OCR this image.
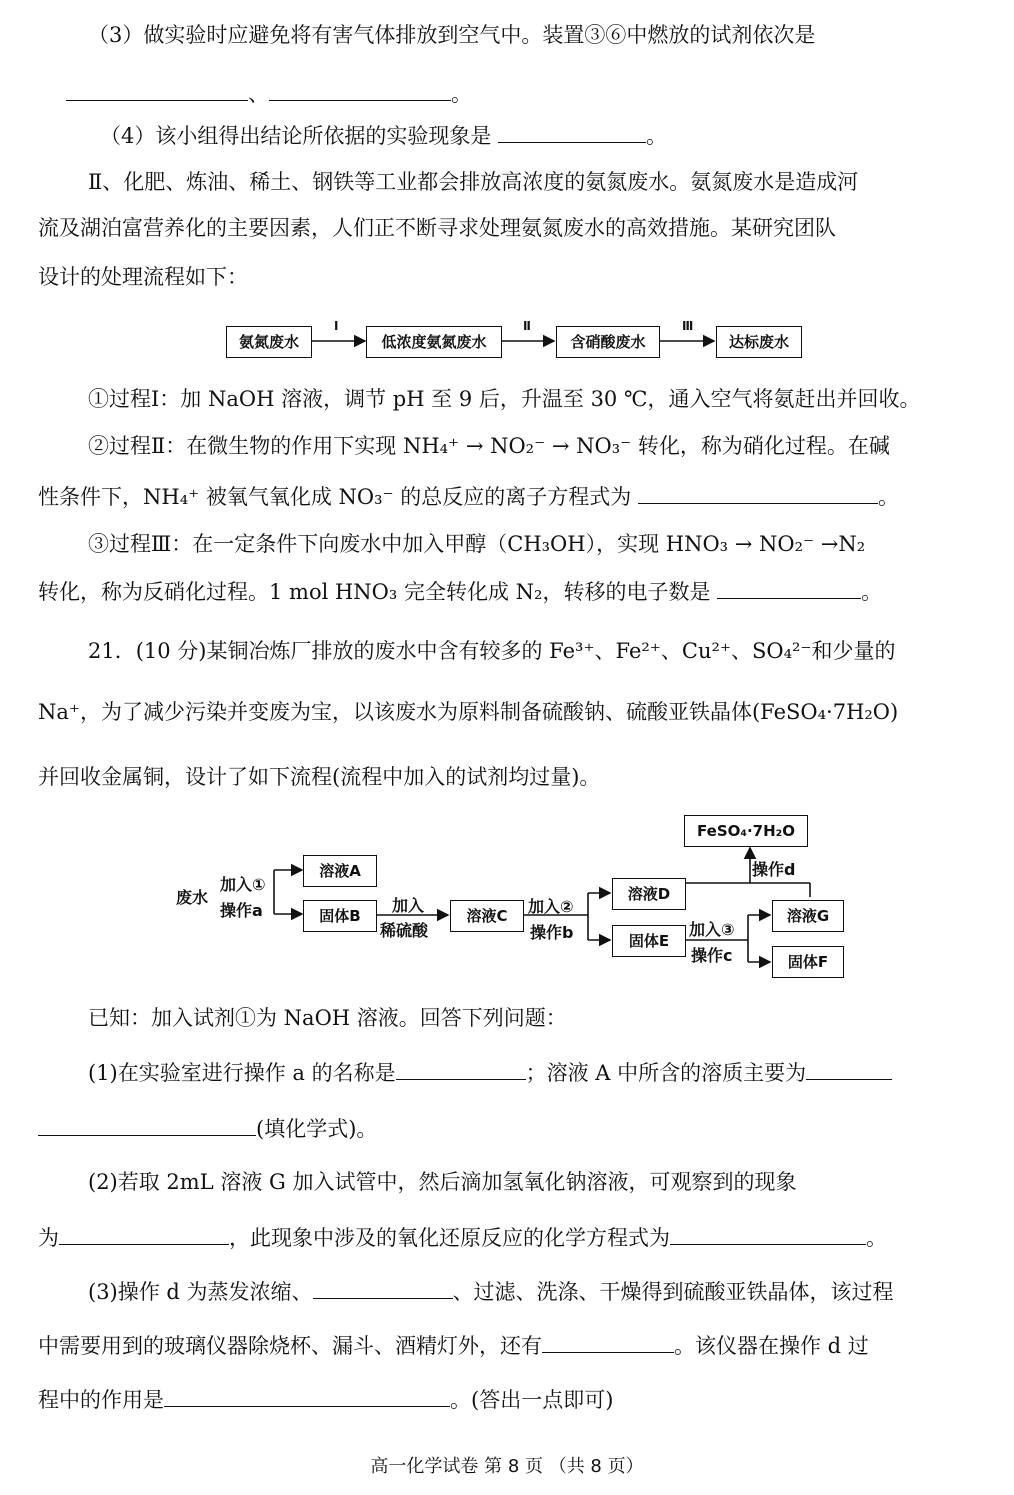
（3）做实验时应避免将有害气体排放到空气中。装置③⑥中燃放的试剂依次是
、	。
（4）该小组得出结论所依据的实验现象是	。
Ⅱ、化肥、炼油、稀土、钢铁等工业都会排放高浓度的氨氮废水。氨氮废水是造成河
流及湖泊富营养化的主要因素，人们正不断寻求处理氨氮废水的高效措施。某研究团队
设计的处理流程如下：
氨氮废水
Ⅰ
低浓度氨氮废水
Ⅱ
含硝酸废水
Ⅲ
达标废水
①过程Ⅰ：加 NaOH 溶液，调节 pH 至 9 后，升温至 30 ℃，通入空气将氨赶出并回收。
②过程Ⅱ：在微生物的作用下实现 NH₄⁺ → NO₂⁻ → NO₃⁻ 转化，称为硝化过程。在碱
性条件下，NH₄⁺ 被氧气氧化成 NO₃⁻ 的总反应的离子方程式为	。
③过程Ⅲ：在一定条件下向废水中加入甲醇（CH₃OH），实现 HNO₃ → NO₂⁻ →N₂
转化，称为反硝化过程。1 mol HNO₃ 完全转化成 N₂，转移的电子数是	。
21．(10 分)某铜冶炼厂排放的废水中含有较多的 Fe³⁺、Fe²⁺、Cu²⁺、SO₄²⁻和少量的
Na⁺，为了减少污染并变废为宝，以该废水为原料制备硫酸钠、硫酸亚铁晶体(FeSO₄·7H₂O)
并回收金属铜，设计了如下流程(流程中加入的试剂均过量)。
废水
加入①
操作a
溶液A
固体B
加入
稀硫酸
溶液C	加入②
操作b
溶液D
固体E
FeSO₄·7H₂O
操作d
加入③
操作c
溶液G
固体F
已知：加入试剂①为 NaOH 溶液。回答下列问题：
(1)在实验室进行操作 a 的名称是	；溶液 A 中所含的溶质主要为
(填化学式)。
(2)若取 2mL 溶液 G 加入试管中，然后滴加氢氧化钠溶液，可观察到的现象
为	，此现象中涉及的氧化还原反应的化学方程式为	。
(3)操作 d 为蒸发浓缩、	、过滤、洗涤、干燥得到硫酸亚铁晶体，该过程
中需要用到的玻璃仪器除烧杯、漏斗、酒精灯外，还有	。该仪器在操作 d 过
程中的作用是	。(答出一点即可)
高一化学试卷 第 8 页 （共 8 页）
